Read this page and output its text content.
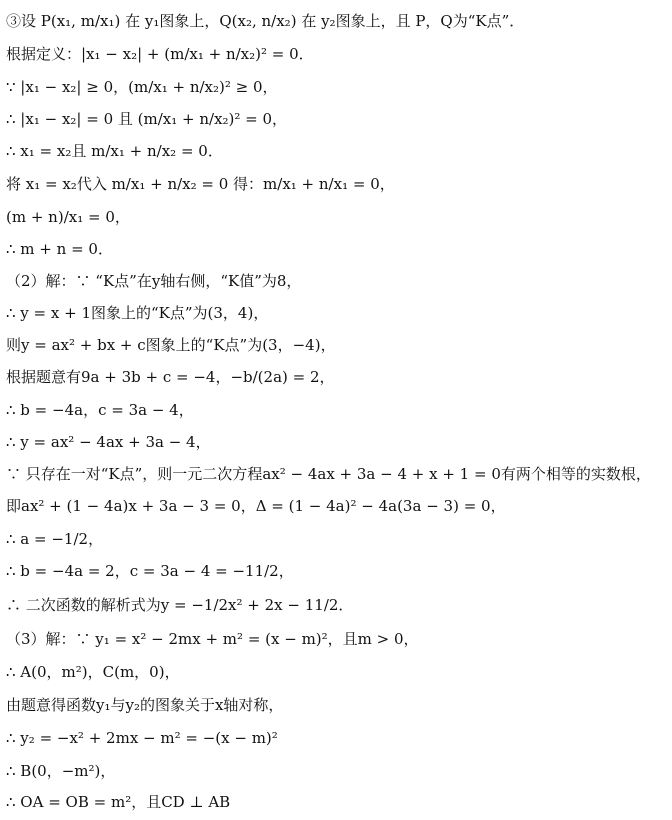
③设 P(x₁, m/x₁) 在 y₁图象上，Q(x₂, n/x₂) 在 y₂图象上，且 P，Q为“K点”．
根据定义：|x₁ − x₂| + (m/x₁ + n/x₂)² = 0．
∵ |x₁ − x₂| ≥ 0，(m/x₁ + n/x₂)² ≥ 0，
∴ |x₁ − x₂| = 0 且 (m/x₁ + n/x₂)² = 0，
∴ x₁ = x₂且 m/x₁ + n/x₂ = 0．
将 x₁ = x₂代入 m/x₁ + n/x₂ = 0 得：m/x₁ + n/x₁ = 0，
(m + n)/x₁ = 0，
∴ m + n = 0．
（2）解：∵ “K点”在y轴右侧，“K值”为8，
∴ y = x + 1图象上的“K点”为(3，4)，
则y = ax² + bx + c图象上的“K点”为(3，−4)，
根据题意有9a + 3b + c = −4，−b/(2a) = 2，
∴ b = −4a，c = 3a − 4，
∴ y = ax² − 4ax + 3a − 4，
∵ 只存在一对“K点”，则一元二次方程ax² − 4ax + 3a − 4 + x + 1 = 0有两个相等的实数根，
即ax² + (1 − 4a)x + 3a − 3 = 0，Δ = (1 − 4a)² − 4a(3a − 3) = 0，
∴ a = −1/2，
∴ b = −4a = 2，c = 3a − 4 = −11/2，
∴ 二次函数的解析式为y = −1/2x² + 2x − 11/2．
（3）解：∵ y₁ = x² − 2mx + m² = (x − m)²，且m > 0，
∴ A(0，m²)，C(m，0)，
由题意得函数y₁与y₂的图象关于x轴对称，
∴ y₂ = −x² + 2mx − m² = −(x − m)²
∴ B(0，−m²)，
∴ OA = OB = m²，且CD ⊥ AB
